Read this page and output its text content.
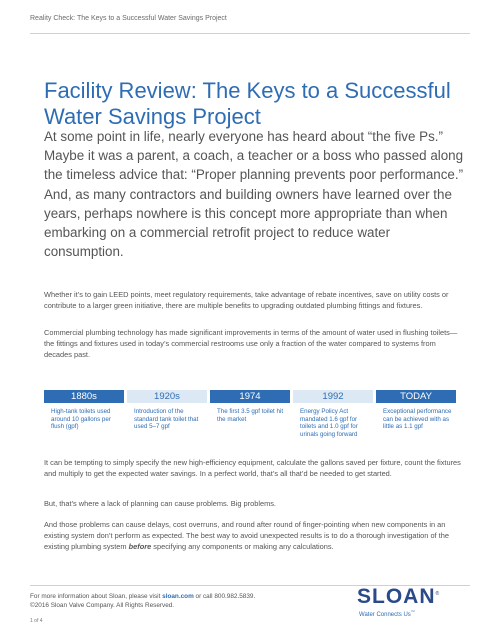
Reality Check: The Keys to a Successful Water Savings Project
Facility Review: The Keys to a Successful Water Savings Project
At some point in life, nearly everyone has heard about “the five Ps.” Maybe it was a parent, a coach, a teacher or a boss who passed along the timeless advice that: “Proper planning prevents poor performance.” And, as many contractors and building owners have learned over the years, perhaps nowhere is this concept more appropriate than when embarking on a commercial retrofit project to reduce water consumption.

Whether it’s to gain LEED points, meet regulatory requirements, take advantage of rebate incentives, save on utility costs or contribute to a larger green initiative, there are multiple benefits to upgrading outdated plumbing fittings and fixtures.

Commercial plumbing technology has made significant improvements in terms of the amount of water used in flushing toilets—the fittings and fixtures used in today’s commercial restrooms use only a fraction of the water compared to systems from decades past.

1880s
High-tank toilets used around 10 gallons per flush (gpf)
1920s
Introduction of the standard tank toilet that used 5–7 gpf
1974
The first 3.5 gpf toilet hit the market
1992
Energy Policy Act mandated 1.6 gpf for toilets and 1.0 gpf for urinals going forward
TODAY
Exceptional performance can be achieved with as little as 1.1 gpf

It can be tempting to simply specify the new high-efficiency equipment, calculate the gallons saved per fixture, count the fixtures and multiply to get the expected water savings. In a perfect world, that’s all that’d be needed to get started.

But, that’s where a lack of planning can cause problems. Big problems.

And those problems can cause delays, cost overruns, and round after round of finger-pointing when new components in an existing system don’t perform as expected. The best way to avoid unexpected results is to do a thorough investigation of the existing plumbing system before specifying any components or making any calculations.

For more information about Sloan, please visit sloan.com or call 800.982.5839.
©2016 Sloan Valve Company. All Rights Reserved.
1 of 4
SLOAN®
Water Connects Us™
